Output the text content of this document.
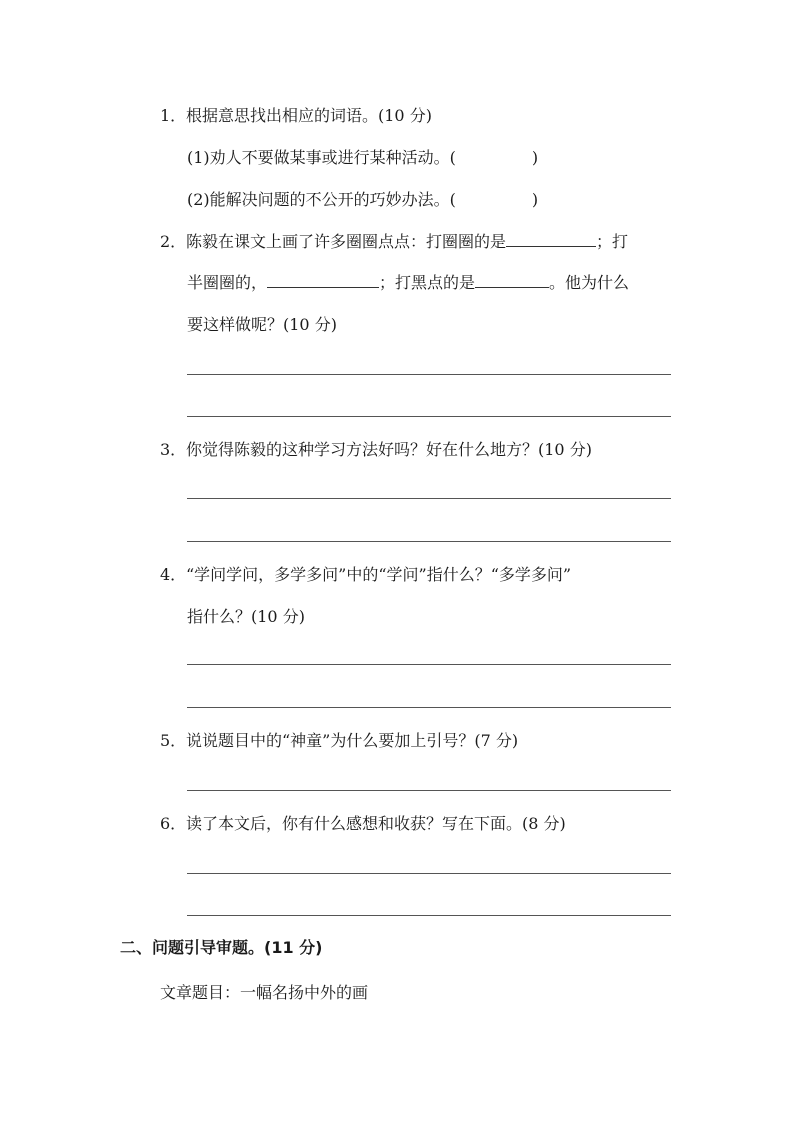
1．根据意思找出相应的词语。(10 分)
(1)劝人不要做某事或进行某种活动。(	)
(2)能解决问题的不公开的巧妙办法。(	)
2．陈毅在课文上画了许多圈圈点点：打圈圈的是	；打
半圈圈的，	；打黑点的是	。他为什么
要这样做呢？(10 分)
3．你觉得陈毅的这种学习方法好吗？好在什么地方？(10 分)
4．“学问学问，多学多问”中的“学问”指什么？“多学多问”
指什么？(10 分)
5．说说题目中的“神童”为什么要加上引号？(7 分)
6．读了本文后，你有什么感想和收获？写在下面。(8 分)
二、问题引导审题。(11 分)
文章题目：一幅名扬中外的画
